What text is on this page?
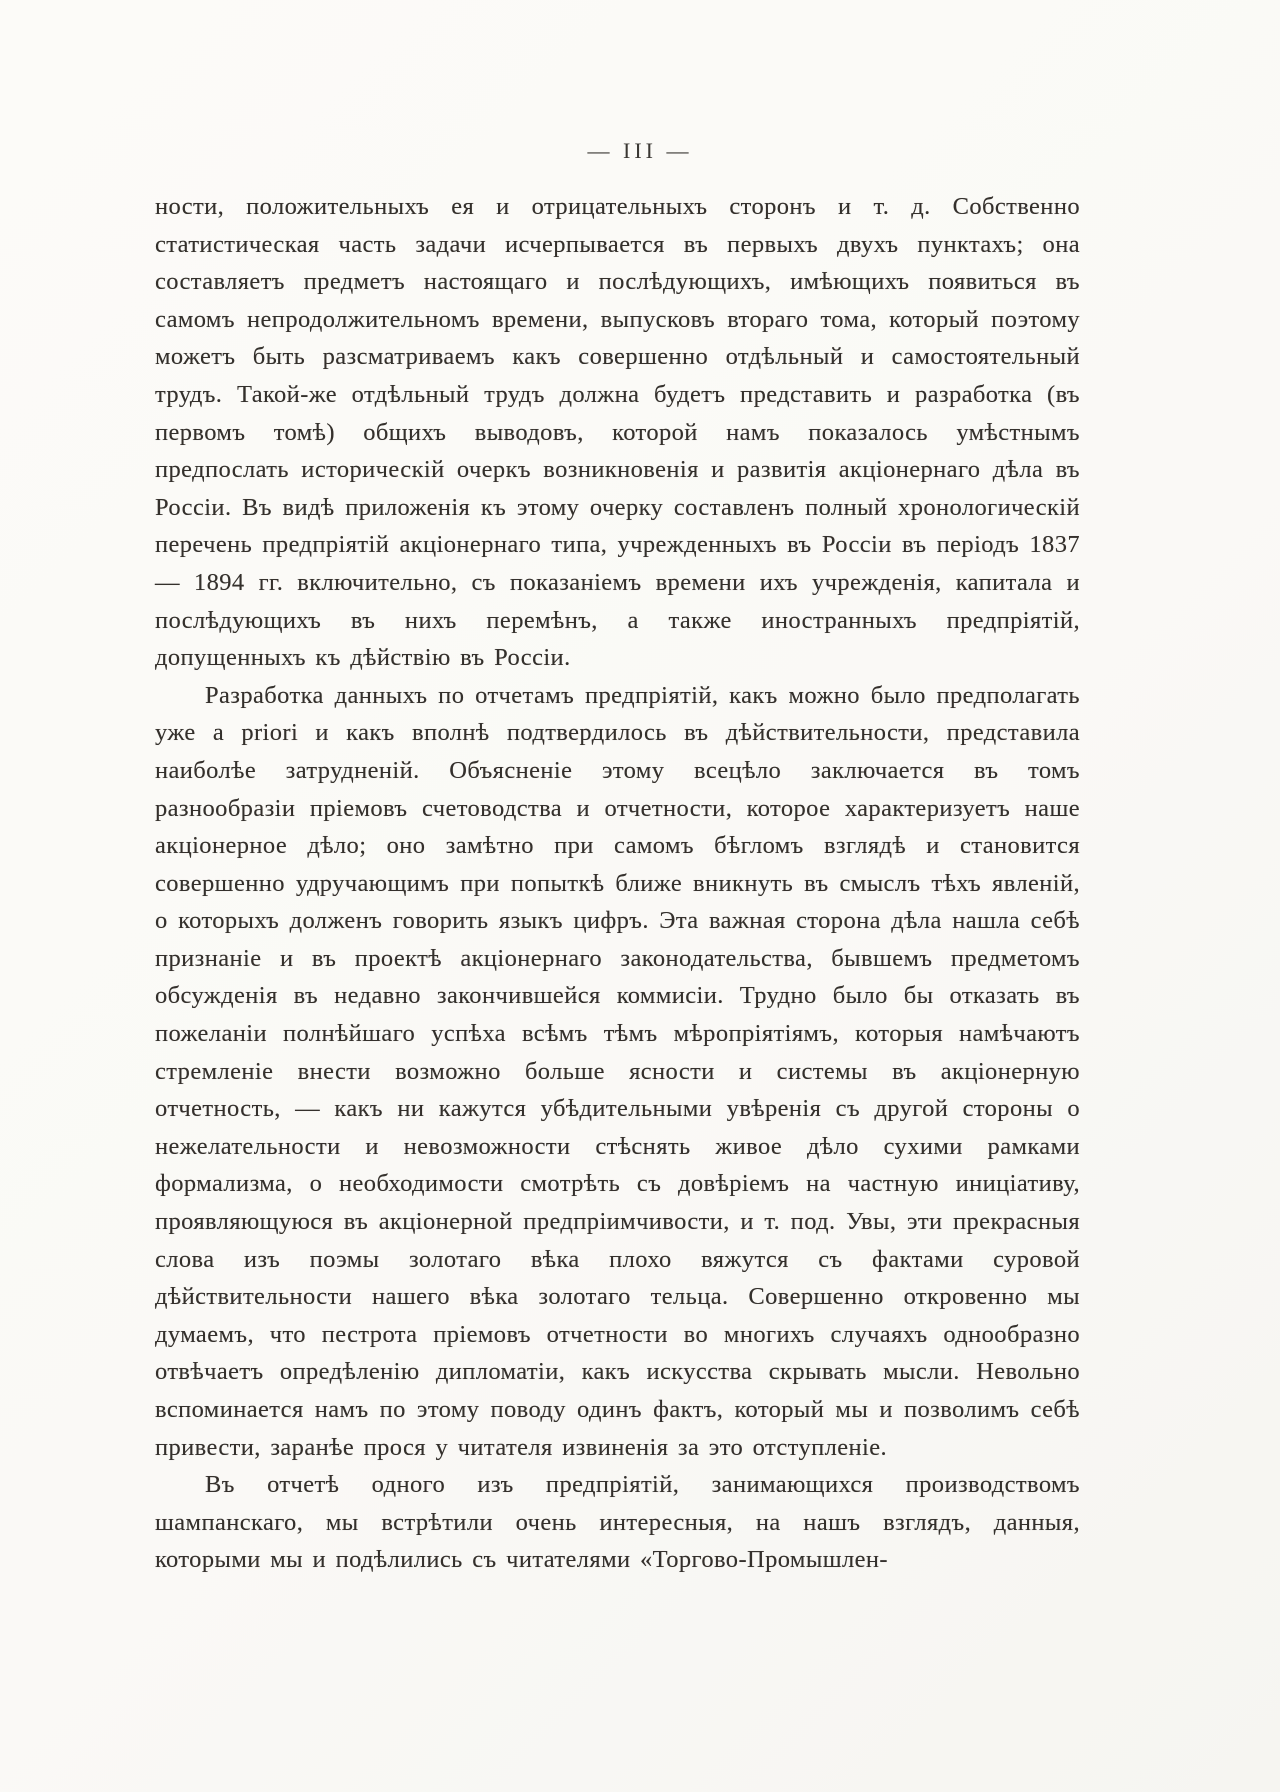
— III —

ности, положительныхъ ея и отрицательныхъ сторонъ и т. д. Собственно статистическая часть задачи исчерпывается въ первыхъ двухъ пунктахъ; она составляетъ предметъ настоящаго и послѣдующихъ, имѣющихъ появиться въ самомъ непродолжительномъ времени, выпусковъ втораго тома, который поэтому можетъ быть разсматриваемъ какъ совершенно отдѣльный и самостоятельный трудъ. Такой-же отдѣльный трудъ должна будетъ представить и разработка (въ первомъ томѣ) общихъ выводовъ, которой намъ показалось умѣстнымъ предпослать историческій очеркъ возникновенія и развитія акціонернаго дѣла въ Россіи. Въ видѣ приложенія къ этому очерку составленъ полный хронологическій перечень предпріятій акціонернаго типа, учрежденныхъ въ Россіи въ періодъ 1837 — 1894 гг. включительно, съ показаніемъ времени ихъ учрежденія, капитала и послѣдующихъ въ нихъ перемѣнъ, а также иностранныхъ предпріятій, допущенныхъ къ дѣйствію въ Россіи.

Разработка данныхъ по отчетамъ предпріятій, какъ можно было предполагать уже a priori и какъ вполнѣ подтвердилось въ дѣйствительности, представила наиболѣе затрудненій. Объясненіе этому всецѣло заключается въ томъ разнообразіи пріемовъ счетоводства и отчетности, которое характеризуетъ наше акціонерное дѣло; оно замѣтно при самомъ бѣгломъ взглядѣ и становится совершенно удручающимъ при попыткѣ ближе вникнуть въ смыслъ тѣхъ явленій, о которыхъ долженъ говорить языкъ цифръ. Эта важная сторона дѣла нашла себѣ признаніе и въ проектѣ акціонернаго законодательства, бывшемъ предметомъ обсужденія въ недавно закончившейся коммисіи. Трудно было бы отказать въ пожеланіи полнѣйшаго успѣха всѣмъ тѣмъ мѣропріятіямъ, которыя намѣчаютъ стремленіе внести возможно больше ясности и системы въ акціонерную отчетность, — какъ ни кажутся убѣдительными увѣренія съ другой стороны о нежелательности и невозможности стѣснять живое дѣло сухими рамками формализма, о необходимости смотрѣть съ довѣріемъ на частную иниціативу, проявляющуюся въ акціонерной предпріимчивости, и т. под. Увы, эти прекрасныя слова изъ поэмы золотаго вѣка плохо вяжутся съ фактами суровой дѣйствительности нашего вѣка золотаго тельца. Совершенно откровенно мы думаемъ, что пестрота пріемовъ отчетности во многихъ случаяхъ однообразно отвѣчаетъ опредѣленію дипломатіи, какъ искусства скрывать мысли. Невольно вспоминается намъ по этому поводу одинъ фактъ, который мы и позволимъ себѣ привести, заранѣе прося у читателя извиненія за это отступленіе.

Въ отчетѣ одного изъ предпріятій, занимающихся производствомъ шампанскаго, мы встрѣтили очень интересныя, на нашъ взглядъ, данныя, которыми мы и подѣлились съ читателями «Торгово-Промышлен-
